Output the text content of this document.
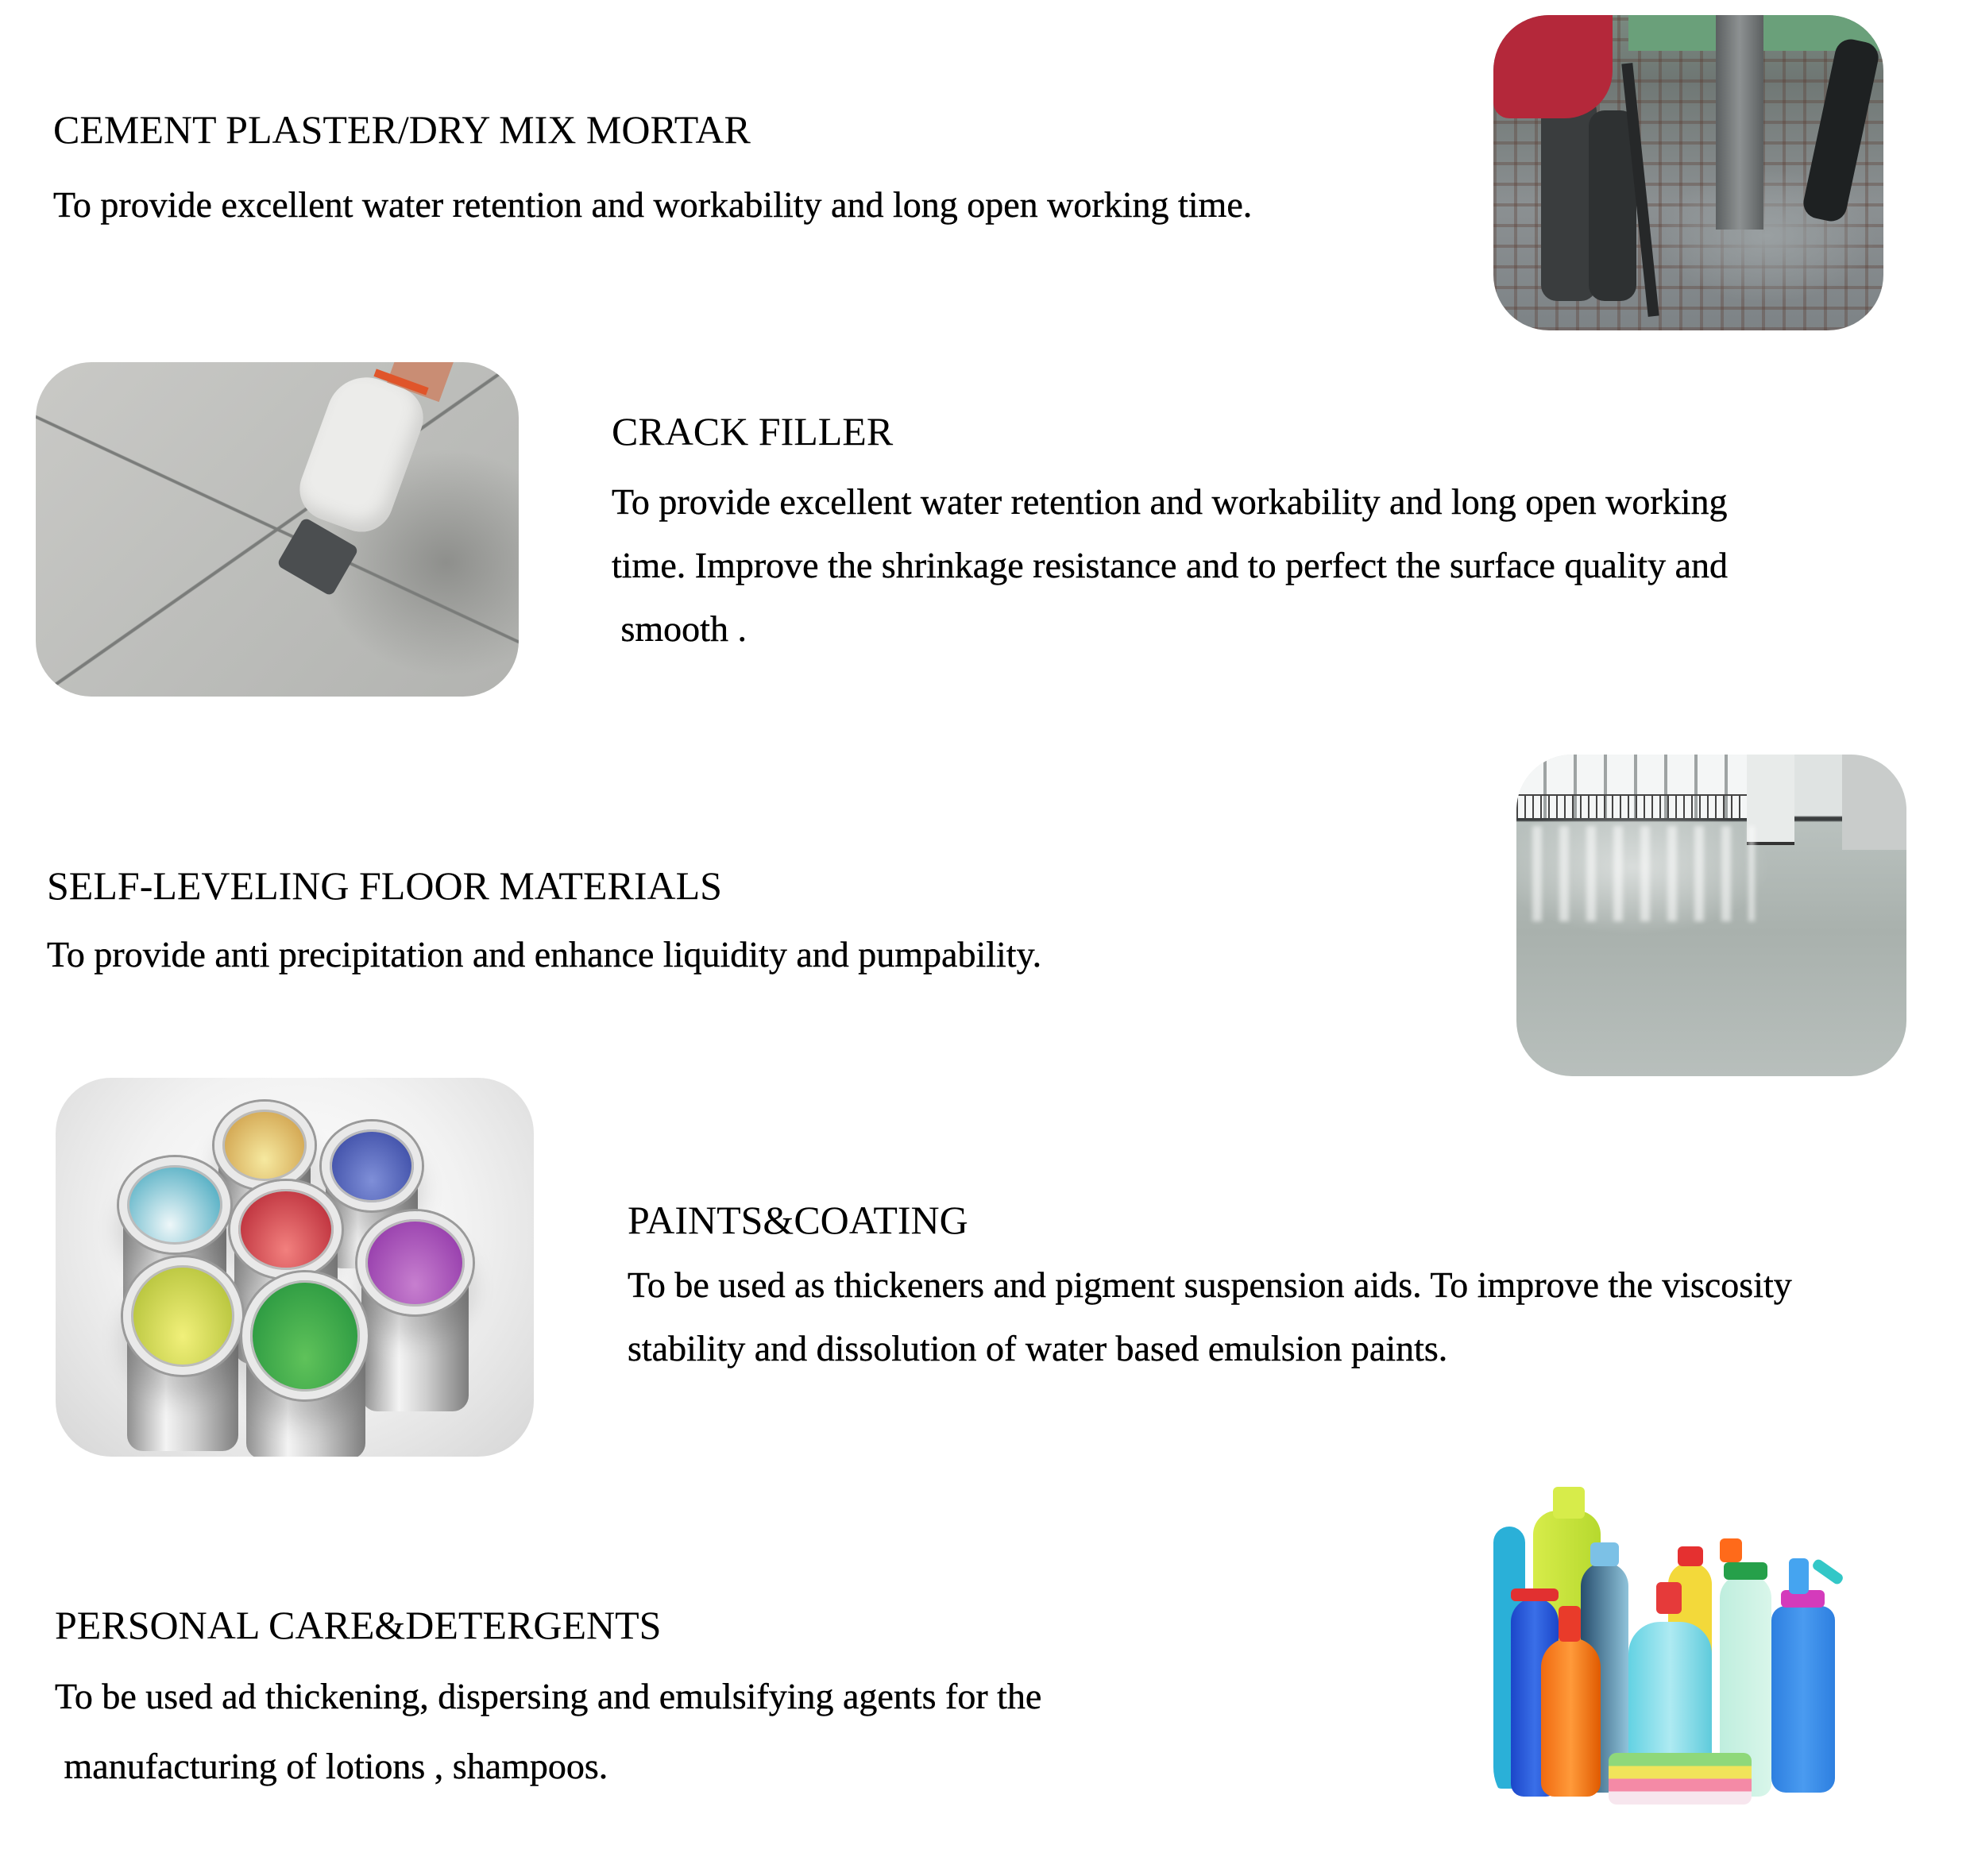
CEMENT PLASTER/DRY MIX MORTAR
To provide excellent water retention and workability and long open working time.
CRACK FILLER
To provide excellent water retention and workability and long open working
time. Improve the shrinkage resistance and to perfect the surface quality and
smooth .
SELF-LEVELING FLOOR MATERIALS
To provide anti precipitation and enhance liquidity and pumpability.
PAINTS&COATING
To be used as thickeners and pigment suspension aids. To improve the viscosity
stability and dissolution of water based emulsion paints.
PERSONAL CARE&DETERGENTS
To be used ad thickening, dispersing and emulsifying agents for the
manufacturing of lotions , shampoos.
